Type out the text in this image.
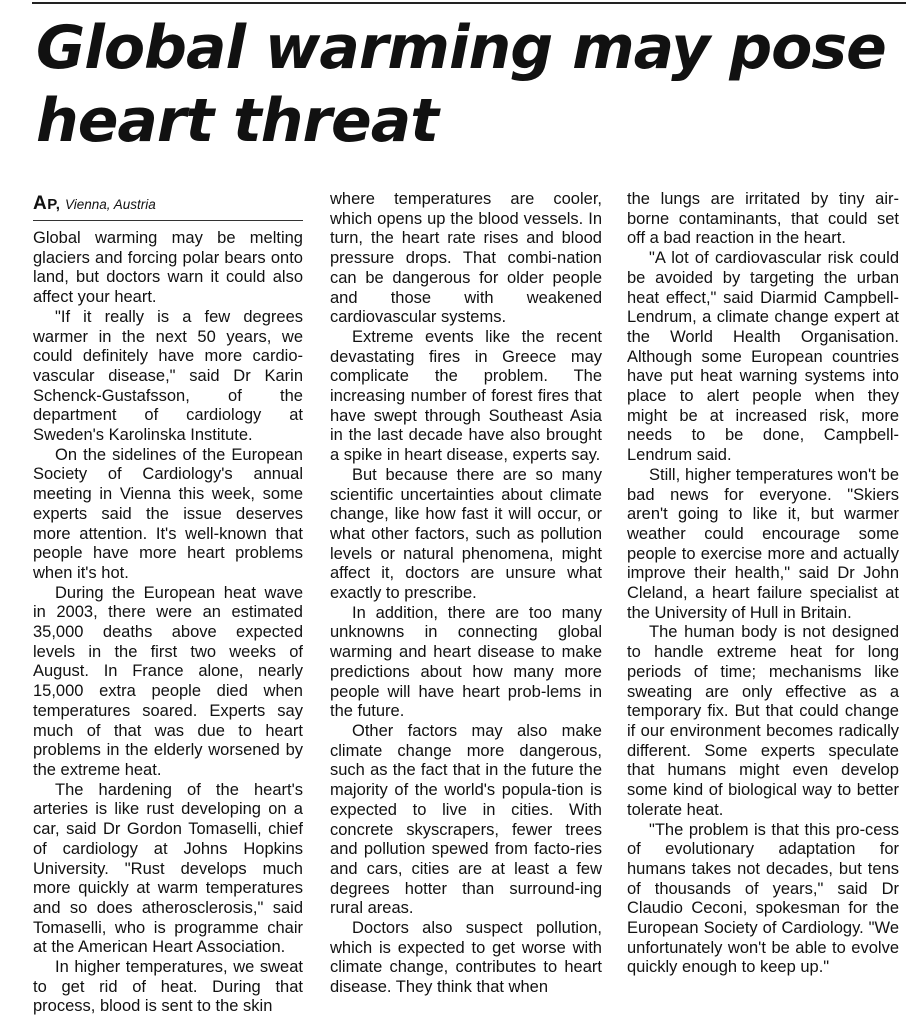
Global warming may pose heart threat
AP, Vienna, Austria

Global warming may be melting glaciers and forcing polar bears onto land, but doctors warn it could also affect your heart.

"If it really is a few degrees warmer in the next 50 years, we could definitely have more cardio-vascular disease," said Dr Karin Schenck-Gustafsson, of the department of cardiology at Sweden's Karolinska Institute.

On the sidelines of the European Society of Cardiology's annual meeting in Vienna this week, some experts said the issue deserves more attention. It's well-known that people have more heart problems when it's hot.

During the European heat wave in 2003, there were an estimated 35,000 deaths above expected levels in the first two weeks of August. In France alone, nearly 15,000 extra people died when temperatures soared. Experts say much of that was due to heart problems in the elderly worsened by the extreme heat.

The hardening of the heart's arteries is like rust developing on a car, said Dr Gordon Tomaselli, chief of cardiology at Johns Hopkins University. "Rust develops much more quickly at warm temperatures and so does atherosclerosis," said Tomaselli, who is programme chair at the American Heart Association.

In higher temperatures, we sweat to get rid of heat. During that process, blood is sent to the skin

where temperatures are cooler, which opens up the blood vessels. In turn, the heart rate rises and blood pressure drops. That combi-nation can be dangerous for older people and those with weakened cardiovascular systems.

Extreme events like the recent devastating fires in Greece may complicate the problem. The increasing number of forest fires that have swept through Southeast Asia in the last decade have also brought a spike in heart disease, experts say.

But because there are so many scientific uncertainties about climate change, like how fast it will occur, or what other factors, such as pollution levels or natural phenomena, might affect it, doctors are unsure what exactly to prescribe.

In addition, there are too many unknowns in connecting global warming and heart disease to make predictions about how many more people will have heart prob-lems in the future.

Other factors may also make climate change more dangerous, such as the fact that in the future the majority of the world's popula-tion is expected to live in cities. With concrete skyscrapers, fewer trees and pollution spewed from facto-ries and cars, cities are at least a few degrees hotter than surround-ing rural areas.

Doctors also suspect pollution, which is expected to get worse with climate change, contributes to heart disease. They think that when

the lungs are irritated by tiny air-borne contaminants, that could set off a bad reaction in the heart.

"A lot of cardiovascular risk could be avoided by targeting the urban heat effect," said Diarmid Campbell-Lendrum, a climate change expert at the World Health Organisation. Although some European countries have put heat warning systems into place to alert people when they might be at increased risk, more needs to be done, Campbell-Lendrum said.

Still, higher temperatures won't be bad news for everyone. "Skiers aren't going to like it, but warmer weather could encourage some people to exercise more and actually improve their health," said Dr John Cleland, a heart failure specialist at the University of Hull in Britain.

The human body is not designed to handle extreme heat for long periods of time; mechanisms like sweating are only effective as a temporary fix. But that could change if our environment becomes radically different. Some experts speculate that humans might even develop some kind of biological way to better tolerate heat.

"The problem is that this pro-cess of evolutionary adaptation for humans takes not decades, but tens of thousands of years," said Dr Claudio Ceconi, spokesman for the European Society of Cardiology. "We unfortunately won't be able to evolve quickly enough to keep up."
